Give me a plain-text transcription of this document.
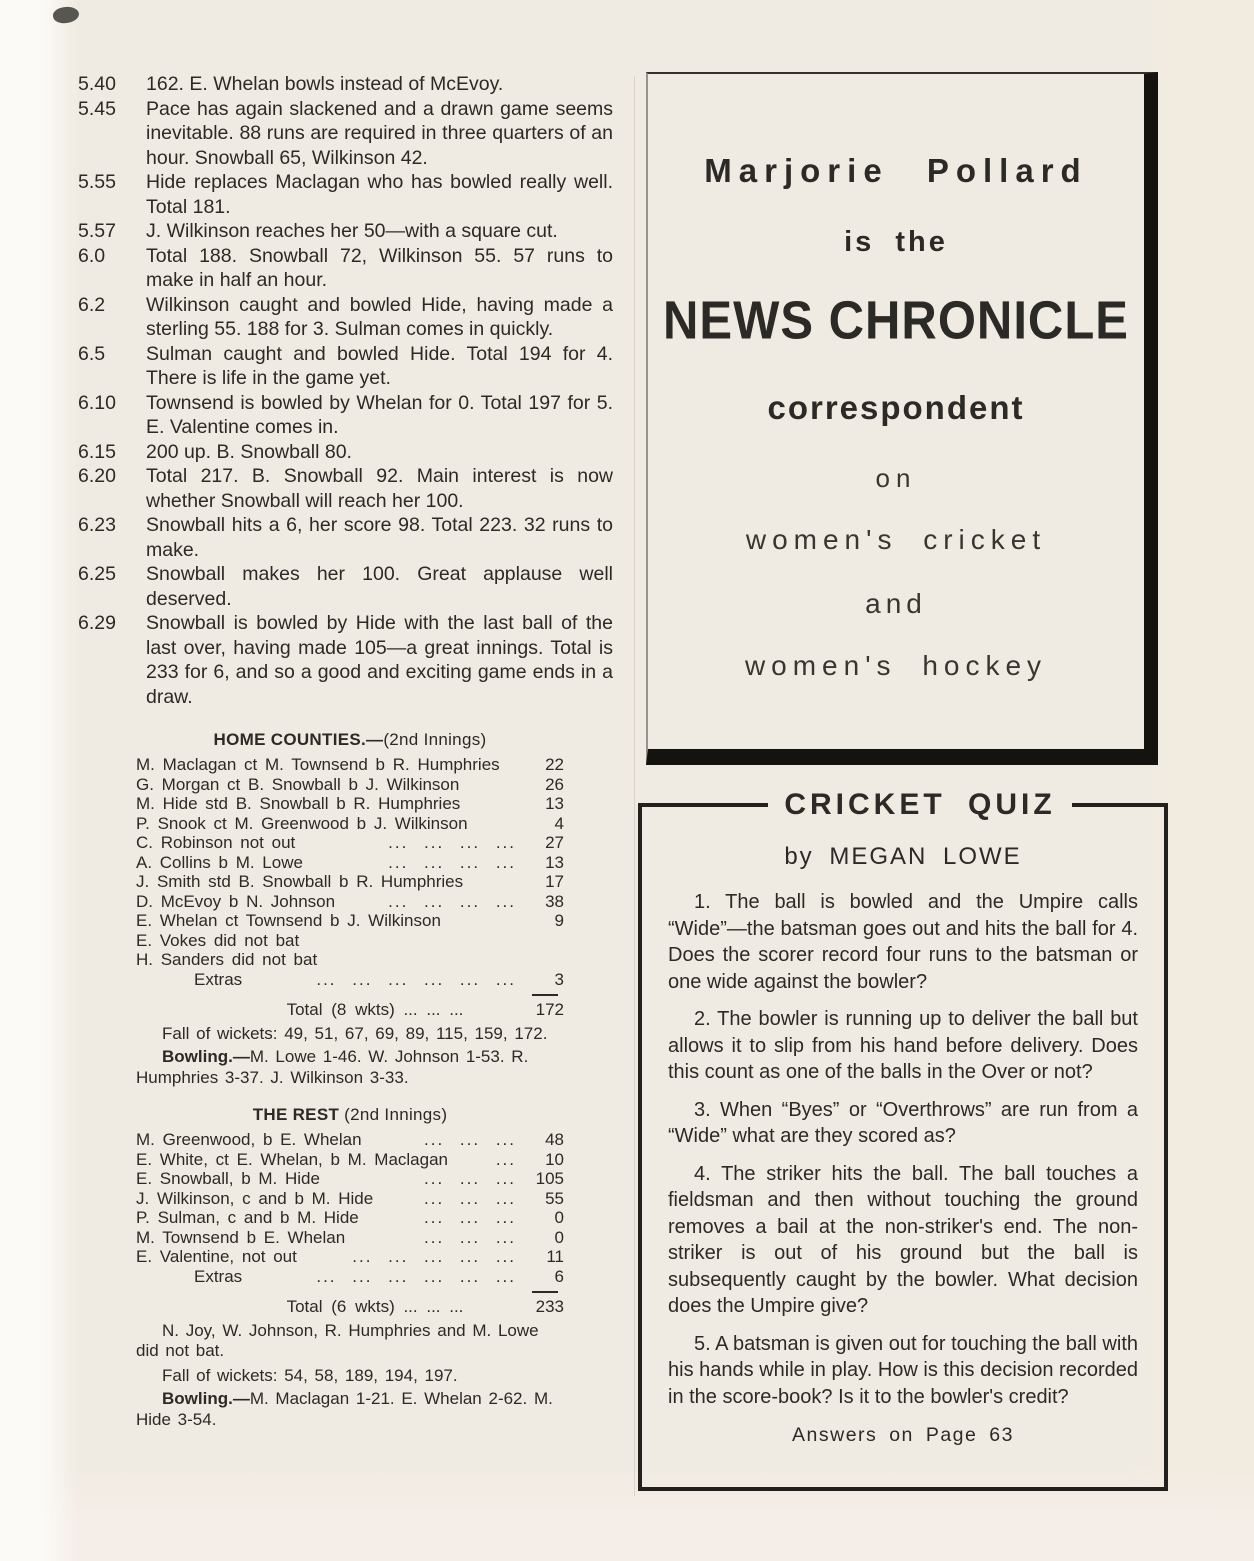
5.40	162. E. Whelan bowls instead of McEvoy.
5.45	Pace has again slackened and a drawn game seems inevitable. 88 runs are required in three quarters of an hour. Snowball 65, Wilkinson 42.
5.55	Hide replaces Maclagan who has bowled really well. Total 181.
5.57	J. Wilkinson reaches her 50—with a square cut.
6.0	Total 188. Snowball 72, Wilkinson 55. 57 runs to make in half an hour.
6.2	Wilkinson caught and bowled Hide, having made a sterling 55. 188 for 3. Sulman comes in quickly.
6.5	Sulman caught and bowled Hide. Total 194 for 4. There is life in the game yet.
6.10	Townsend is bowled by Whelan for 0. Total 197 for 5. E. Valentine comes in.
6.15	200 up. B. Snowball 80.
6.20	Total 217. B. Snowball 92. Main interest is now whether Snowball will reach her 100.
6.23	Snowball hits a 6, her score 98. Total 223. 32 runs to make.
6.25	Snowball makes her 100. Great applause well deserved.
6.29	Snowball is bowled by Hide with the last ball of the last over, having made 105—a great innings. Total is 233 for 6, and so a good and exciting game ends in a draw.
HOME COUNTIES.—(2nd Innings)
M. Maclagan ct M. Townsend b R. Humphries	22
G. Morgan ct B. Snowball b J. Wilkinson	26
M. Hide std B. Snowball b R. Humphries	13
P. Snook ct M. Greenwood b J. Wilkinson	4
C. Robinson not out	... ... ... ...	27
A. Collins b M. Lowe	... ... ... ...	13
J. Smith std B. Snowball b R. Humphries	17
D. McEvoy b N. Johnson	... ... ... ...	38
E. Whelan ct Townsend b J. Wilkinson	9
E. Vokes did not bat
H. Sanders did not bat
Extras	... ... ... ... ... ...	3
Total (8 wkts) ... ... ...	172

Fall of wickets: 49, 51, 67, 69, 89, 115, 159, 172.

Bowling.—M. Lowe 1-46. W. Johnson 1-53. R. Humphries 3-37. J. Wilkinson 3-33.

THE REST (2nd Innings)
M. Greenwood, b E. Whelan	... ... ...	48
E. White, ct E. Whelan, b M. Maclagan	...	10
E. Snowball, b M. Hide	... ... ...	105
J. Wilkinson, c and b M. Hide	... ... ...	55
P. Sulman, c and b M. Hide	... ... ...	0
M. Townsend b E. Whelan	... ... ...	0
E. Valentine, not out	... ... ... ... ...	11
Extras	... ... ... ... ... ...	6
Total (6 wkts) ... ... ...	233

N. Joy, W. Johnson, R. Humphries and M. Lowe did not bat.

Fall of wickets: 54, 58, 189, 194, 197.

Bowling.—M. Maclagan 1-21. E. Whelan 2-62. M. Hide 3-54.

Marjorie Pollard
is the
NEWS CHRONICLE
correspondent
on
women's cricket
and
women's hockey
CRICKET QUIZ
by MEGAN LOWE

1. The ball is bowled and the Umpire calls “Wide”—the batsman goes out and hits the ball for 4. Does the scorer record four runs to the batsman or one wide against the bowler?

2. The bowler is running up to deliver the ball but allows it to slip from his hand before delivery. Does this count as one of the balls in the Over or not?

3. When “Byes” or “Overthrows” are run from a “Wide” what are they scored as?

4. The striker hits the ball. The ball touches a fieldsman and then without touching the ground removes a bail at the non-striker's end. The non-striker is out of his ground but the ball is subsequently caught by the bowler. What decision does the Umpire give?

5. A batsman is given out for touching the ball with his hands while in play. How is this decision recorded in the score-book? Is it to the bowler's credit?

Answers on Page 63
